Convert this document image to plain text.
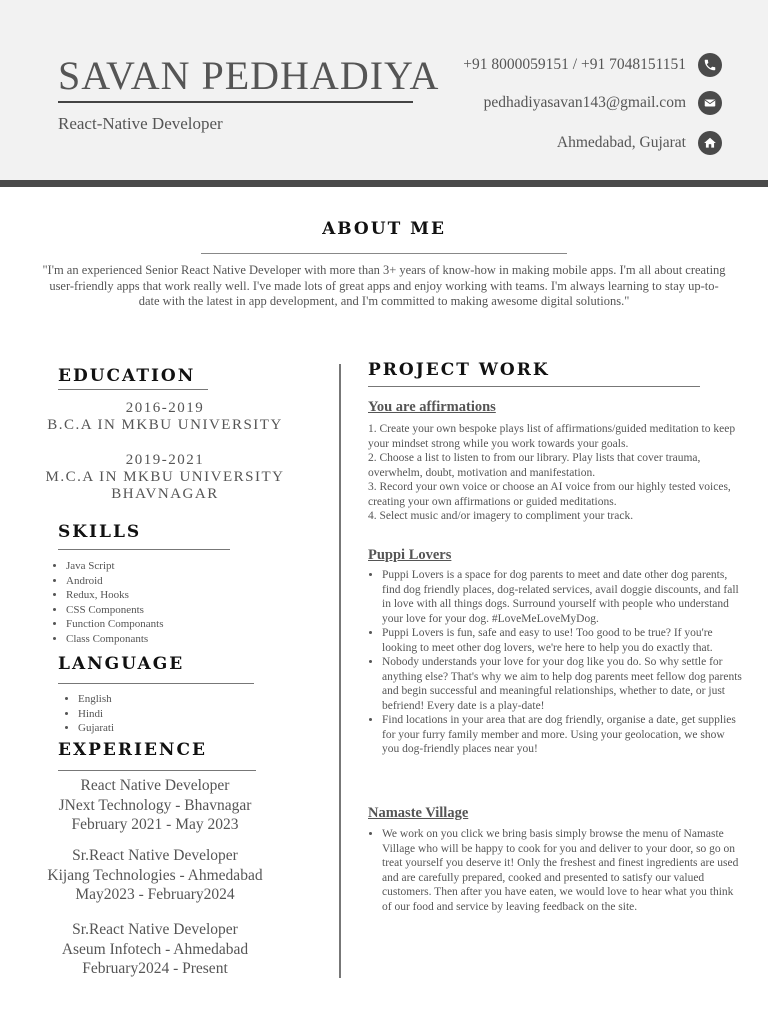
SAVAN PEDHADIYA
React-Native Developer
+91 8000059151 / +91 7048151151
pedhadiyasavan143@gmail.com
Ahmedabad, Gujarat
ABOUT ME
"I'm an experienced Senior React Native Developer with more than 3+ years of know-how in making mobile apps. I'm all about creating user-friendly apps that work really well. I've made lots of great apps and enjoy working with teams. I'm always learning to stay up-to-date with the latest in app development, and I'm committed to making awesome digital solutions."
EDUCATION
2016-2019
B.C.A IN MKBU UNIVERSITY
2019-2021
M.C.A IN MKBU UNIVERSITY
BHAVNAGAR
SKILLS
• Java Script
• Android
• Redux, Hooks
• CSS Components
• Function Componants
• Class Componants
LANGUAGE
• English
• Hindi
• Gujarati
EXPERIENCE
React Native Developer
JNext Technology - Bhavnagar
February 2021 - May 2023
Sr.React Native Developer
Kijang Technologies - Ahmedabad
May2023 - February2024
Sr.React Native Developer
Aseum Infotech - Ahmedabad
February2024 - Present
PROJECT WORK
You are affirmations
1. Create your own bespoke plays list of affirmations/guided meditation to keep your mindset strong while you work towards your goals.
2. Choose a list to listen to from our library. Play lists that cover trauma, overwhelm, doubt, motivation and manifestation.
3. Record your own voice or choose an AI voice from our highly tested voices, creating your own affirmations or guided meditations.
4. Select music and/or imagery to compliment your track.
Puppi Lovers
• Puppi Lovers is a space for dog parents to meet and date other dog parents, find dog friendly places, dog-related services, avail doggie discounts, and fall in love with all things dogs. Surround yourself with people who understand your love for your dog. #LoveMeLoveMyDog.
• Puppi Lovers is fun, safe and easy to use! Too good to be true? If you're looking to meet other dog lovers, we're here to help you do exactly that.
• Nobody understands your love for your dog like you do. So why settle for anything else? That's why we aim to help dog parents meet fellow dog parents and begin successful and meaningful relationships, whether to date, or just befriend! Every date is a play-date!
• Find locations in your area that are dog friendly, organise a date, get supplies for your furry family member and more. Using your geolocation, we show you dog-friendly places near you!
Namaste Village
• We work on you click we bring basis simply browse the menu of Namaste Village who will be happy to cook for you and deliver to your door, so go on treat yourself you deserve it! Only the freshest and finest ingredients are used and are carefully prepared, cooked and presented to satisfy our valued customers. Then after you have eaten, we would love to hear what you think of our food and service by leaving feedback on the site.
